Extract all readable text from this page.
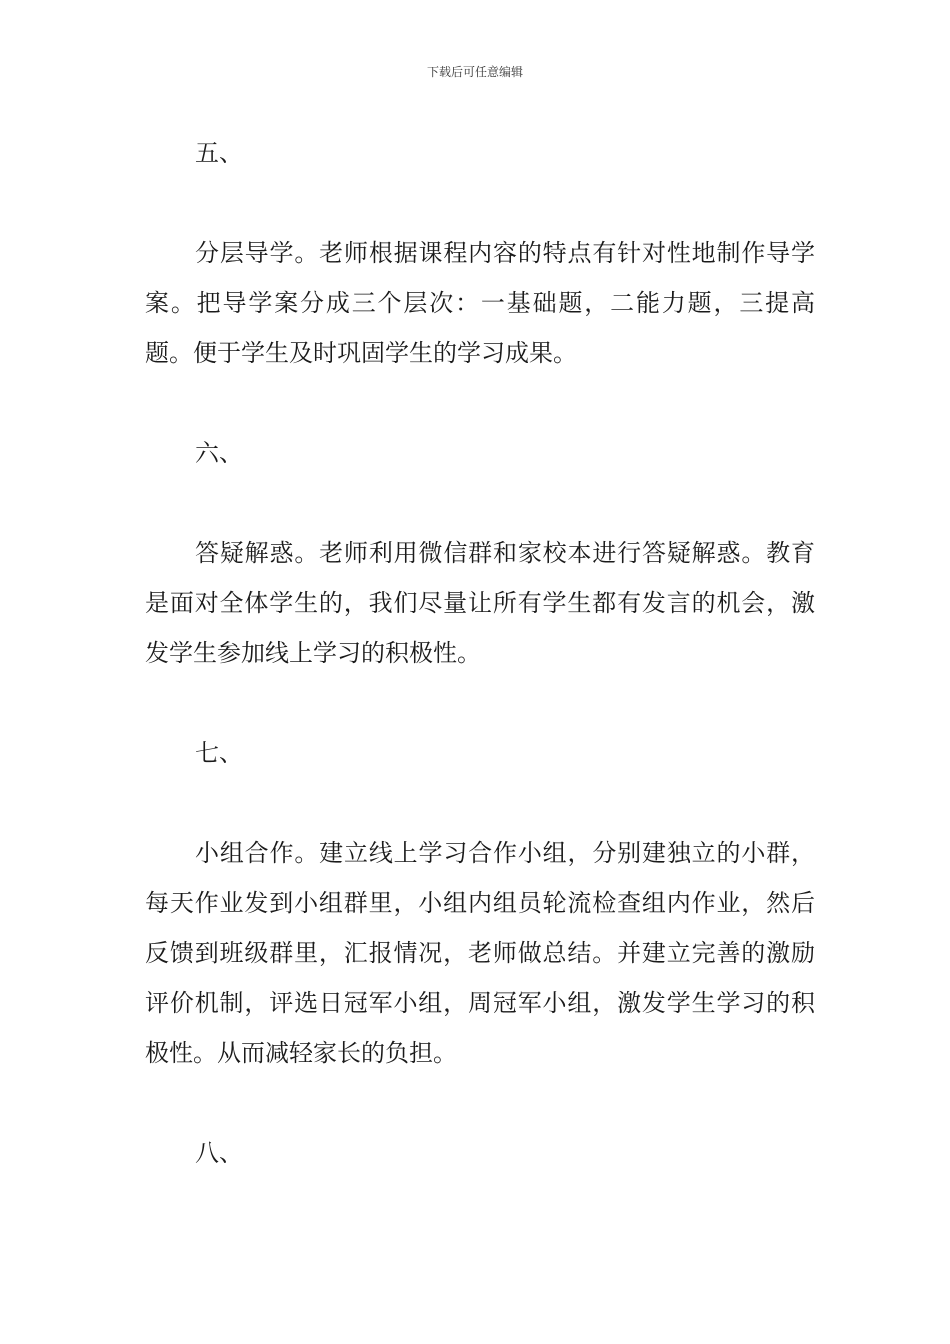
下载后可任意编辑
五、

分层导学。老师根据课程内容的特点有针对性地制作导学案。把导学案分成三个层次：一基础题，二能力题，三提高题。便于学生及时巩固学生的学习成果。

六、

答疑解惑。老师利用微信群和家校本进行答疑解惑。教育是面对全体学生的，我们尽量让所有学生都有发言的机会，激发学生参加线上学习的积极性。

七、

小组合作。建立线上学习合作小组，分别建独立的小群，每天作业发到小组群里，小组内组员轮流检查组内作业，然后反馈到班级群里，汇报情况，老师做总结。并建立完善的激励评价机制，评选日冠军小组，周冠军小组，激发学生学习的积极性。从而减轻家长的负担。

八、
